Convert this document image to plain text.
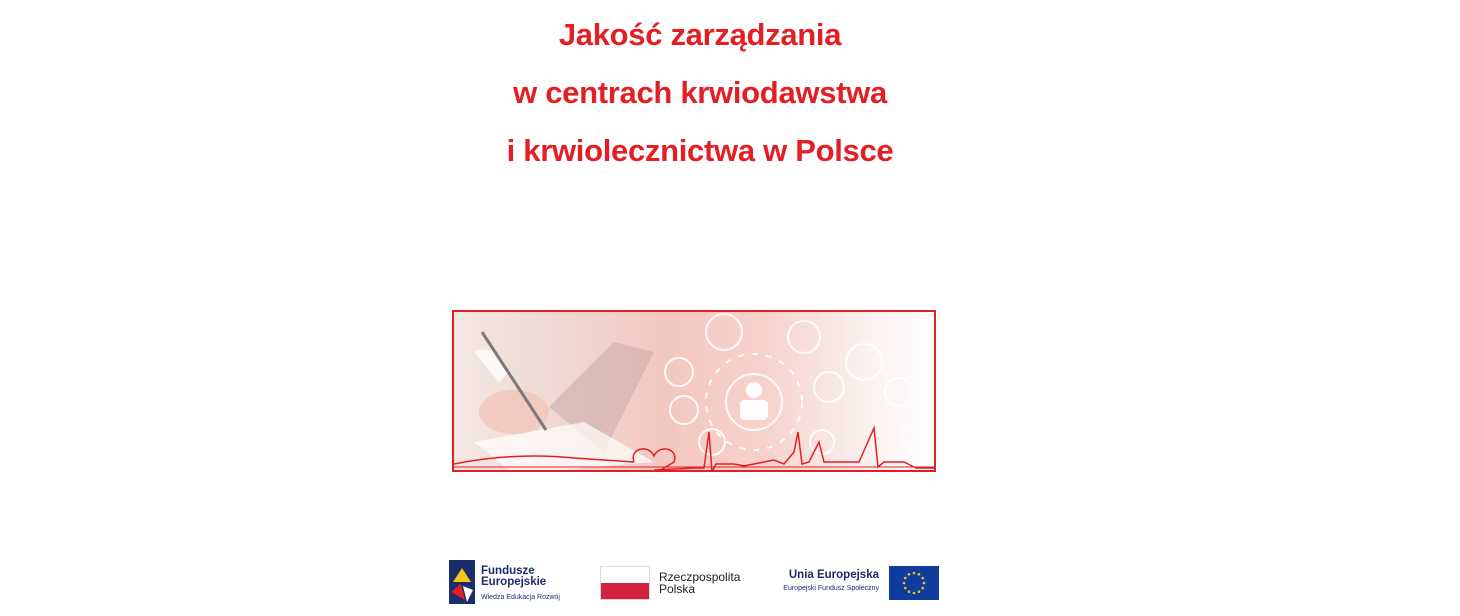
Jakość zarządzania
w centrach krwiodawstwa
i krwiolecznictwa w Polsce
Fundusze
Europejskie
Wiedza Edukacja Rozwój
Rzeczpospolita
Polska
Unia Europejska
Europejski Fundusz Społeczny
